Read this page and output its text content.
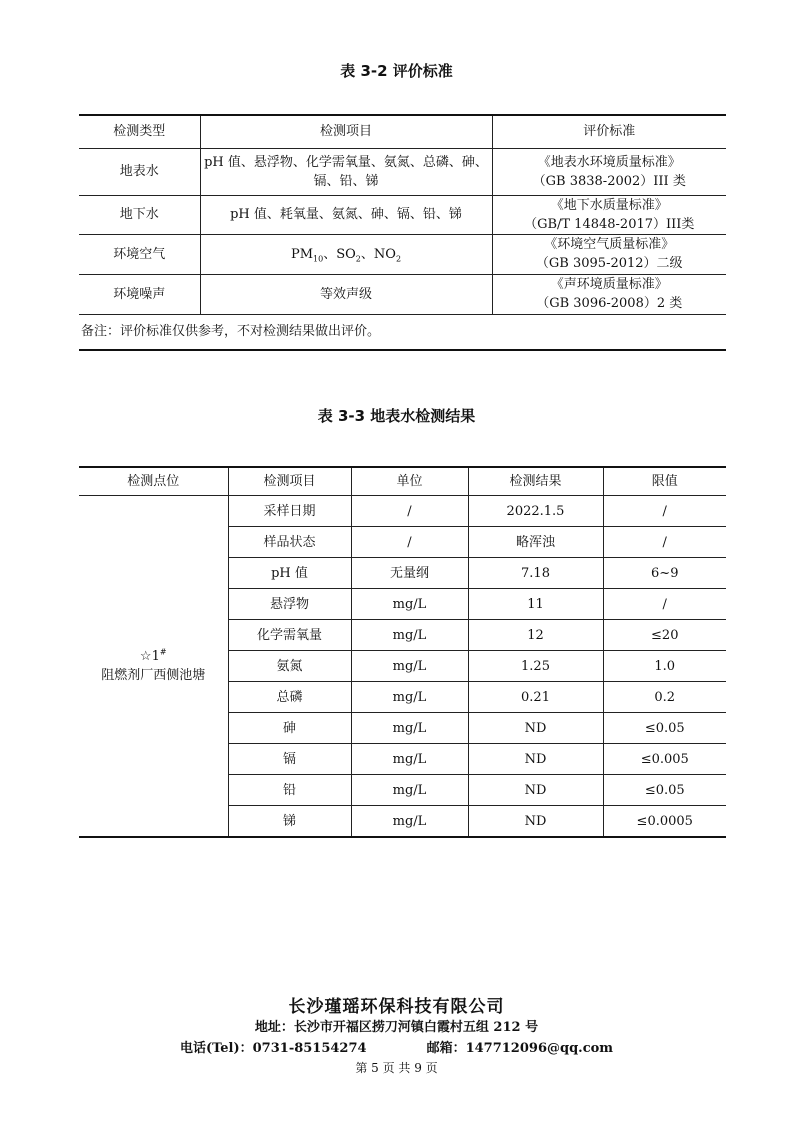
表 3-2 评价标准
检测类型	检测项目	评价标准
地表水	pH 值、悬浮物、化学需氧量、氨氮、总磷、砷、镉、铅、锑	《地表水环境质量标准》
（GB 3838-2002）III 类

地下水	pH 值、耗氧量、氨氮、砷、镉、铅、锑	《地下水质量标准》
（GB/T 14848-2017）III类

环境空气	$PM_{10}$、$SO_2$、$NO_2$	《环境空气质量标准》
（GB 3095-2012）二级

环境噪声	等效声级	《声环境质量标准》
（GB 3096-2008）2 类

备注：评价标准仅供参考，不对检测结果做出评价。		
表 3-3 地表水检测结果
检测点位	检测项目	单位	检测结果	限值

☆1#
阻燃剂厂西侧池塘	采样日期	/	2022.1.5	/
	样品状态	/	略浑浊	/
	pH 值	无量纲	7.18	6~9
	悬浮物	mg/L	11	/
	化学需氧量	mg/L	12	≤20
	氨氮	mg/L	1.25	1.0
	总磷	mg/L	0.21	0.2
	砷	mg/L	ND	≤0.05
	镉	mg/L	ND	≤0.005
	铅	mg/L	ND	≤0.05
	锑	mg/L	ND	≤0.0005
长沙瑾瑶环保科技有限公司
地址：长沙市开福区捞刀河镇白霞村五组 212 号
电话(Tel)：0731-85154274	邮箱：147712096@qq.com
第 5 页 共 9 页
